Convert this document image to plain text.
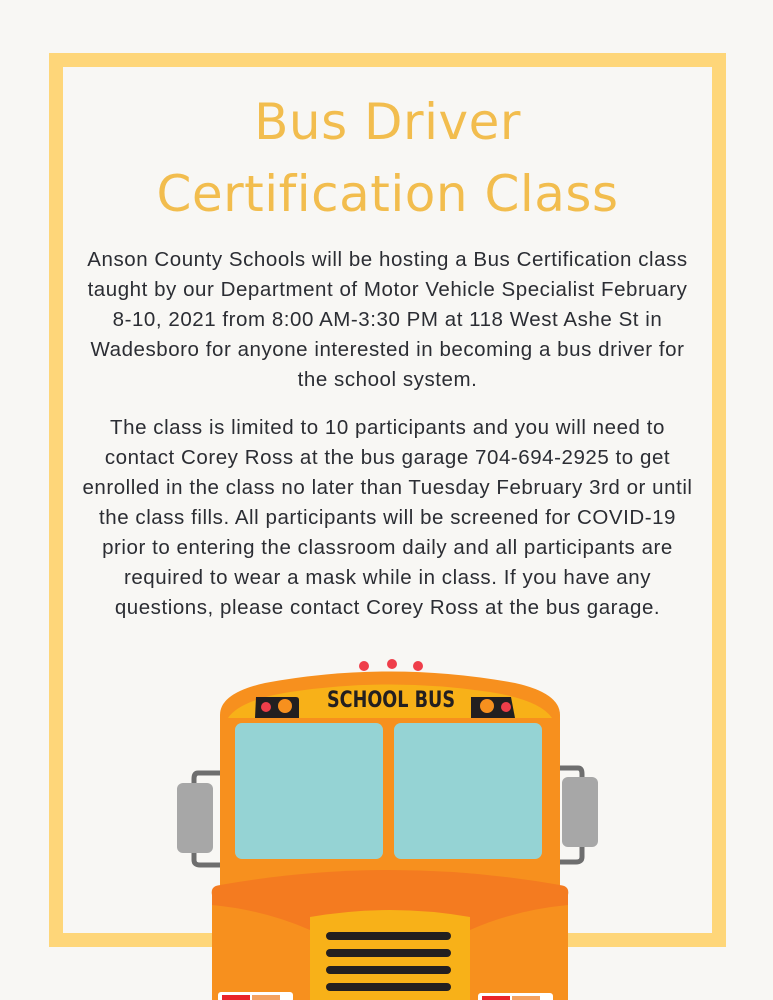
Bus Driver
Certification Class

Anson County Schools will be hosting a Bus Certification class taught by our Department of Motor Vehicle Specialist February 8-10, 2021 from 8:00 AM-3:30 PM at 118 West Ashe St in Wadesboro for anyone interested in becoming a bus driver for the school system.

The class is limited to 10 participants and you will need to contact Corey Ross at the bus garage 704-694-2925 to get enrolled in the class no later than Tuesday February 3rd or until the class fills. All participants will be screened for COVID-19 prior to entering the classroom daily and all participants are required to wear a mask while in class. If you have any questions, please contact Corey Ross at the bus garage.

SCHOOL BUS
